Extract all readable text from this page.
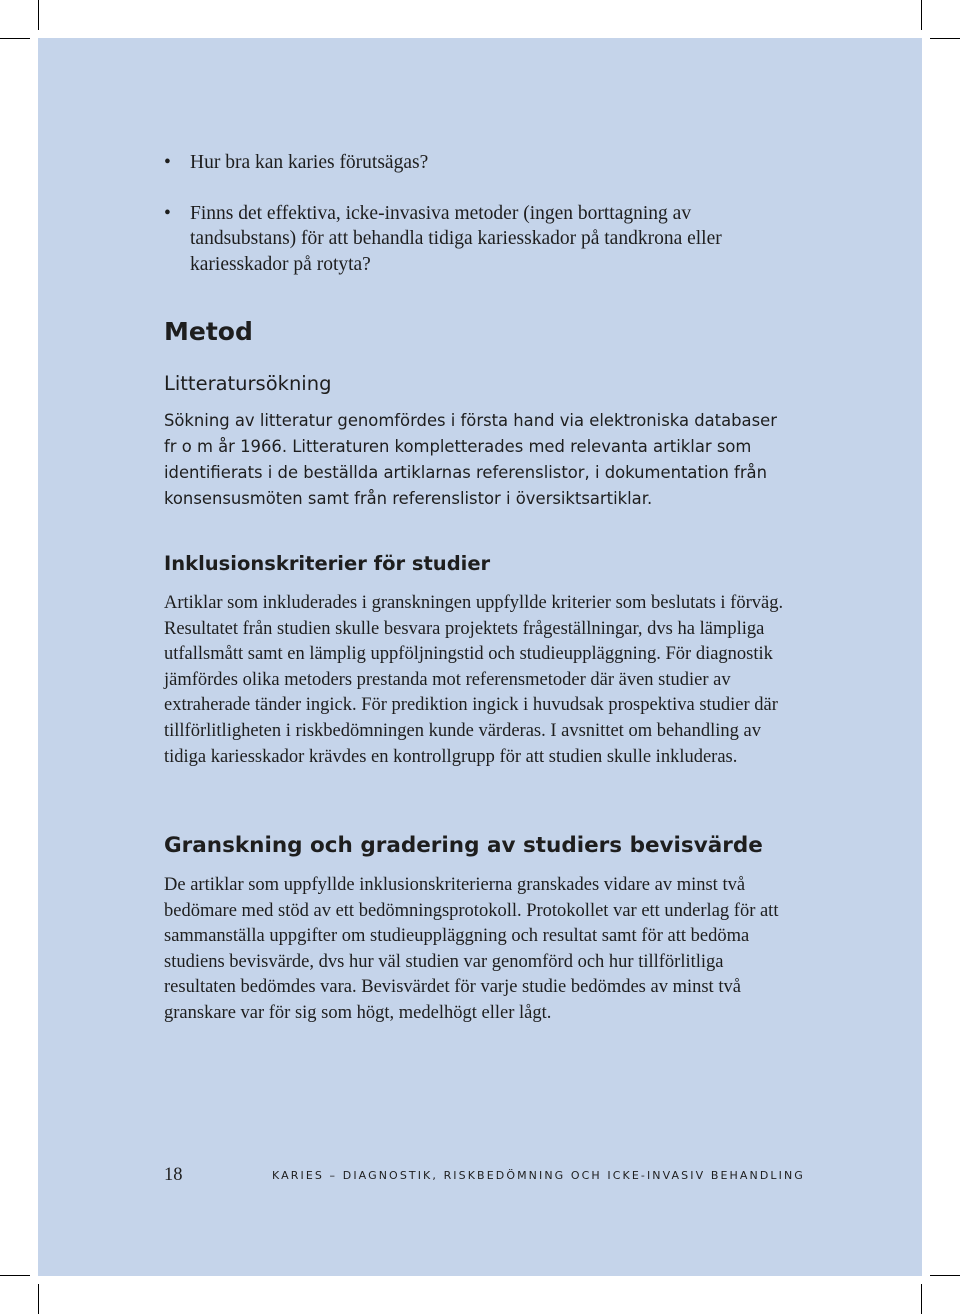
• Hur bra kan karies förutsägas?
• Finns det effektiva, icke-invasiva metoder (ingen borttagning av tandsubstans) för att behandla tidiga kariesskador på tandkrona eller kariesskador på rotyta?
Metod
Litteratursökning

Sökning av litteratur genomfördes i första hand via elektroniska databaser fr o m år 1966. Litteraturen kompletterades med relevanta artiklar som identifierats i de beställda artiklarnas referenslistor, i dokumentation från konsensusmöten samt från referenslistor i översiktsartiklar.

Inklusionskriterier för studier

Artiklar som inkluderades i granskningen uppfyllde kriterier som beslutats i förväg. Resultatet från studien skulle besvara projektets frågeställningar, dvs ha lämpliga utfallsmått samt en lämplig uppföljningstid och studieuppläggning. För diagnostik jämfördes olika metoders prestanda mot referensmetoder där även studier av extraherade tänder ingick. För prediktion ingick i huvudsak prospektiva studier där tillförlitligheten i riskbedömningen kunde värderas. I avsnittet om behandling av tidiga kariesskador krävdes en kontrollgrupp för att studien skulle inkluderas.

Granskning och gradering av studiers bevisvärde

De artiklar som uppfyllde inklusionskriterierna granskades vidare av minst två bedömare med stöd av ett bedömningsprotokoll. Protokollet var ett underlag för att sammanställa uppgifter om studieuppläggning och resultat samt för att bedöma studiens bevisvärde, dvs hur väl studien var genomförd och hur tillförlitliga resultaten bedömdes vara. Bevisvärdet för varje studie bedömdes av minst två granskare var för sig som högt, medelhögt eller lågt.

18	KARIES – DIAGNOSTIK, RISKBEDÖMNING OCH ICKE-INVASIV BEHANDLING
